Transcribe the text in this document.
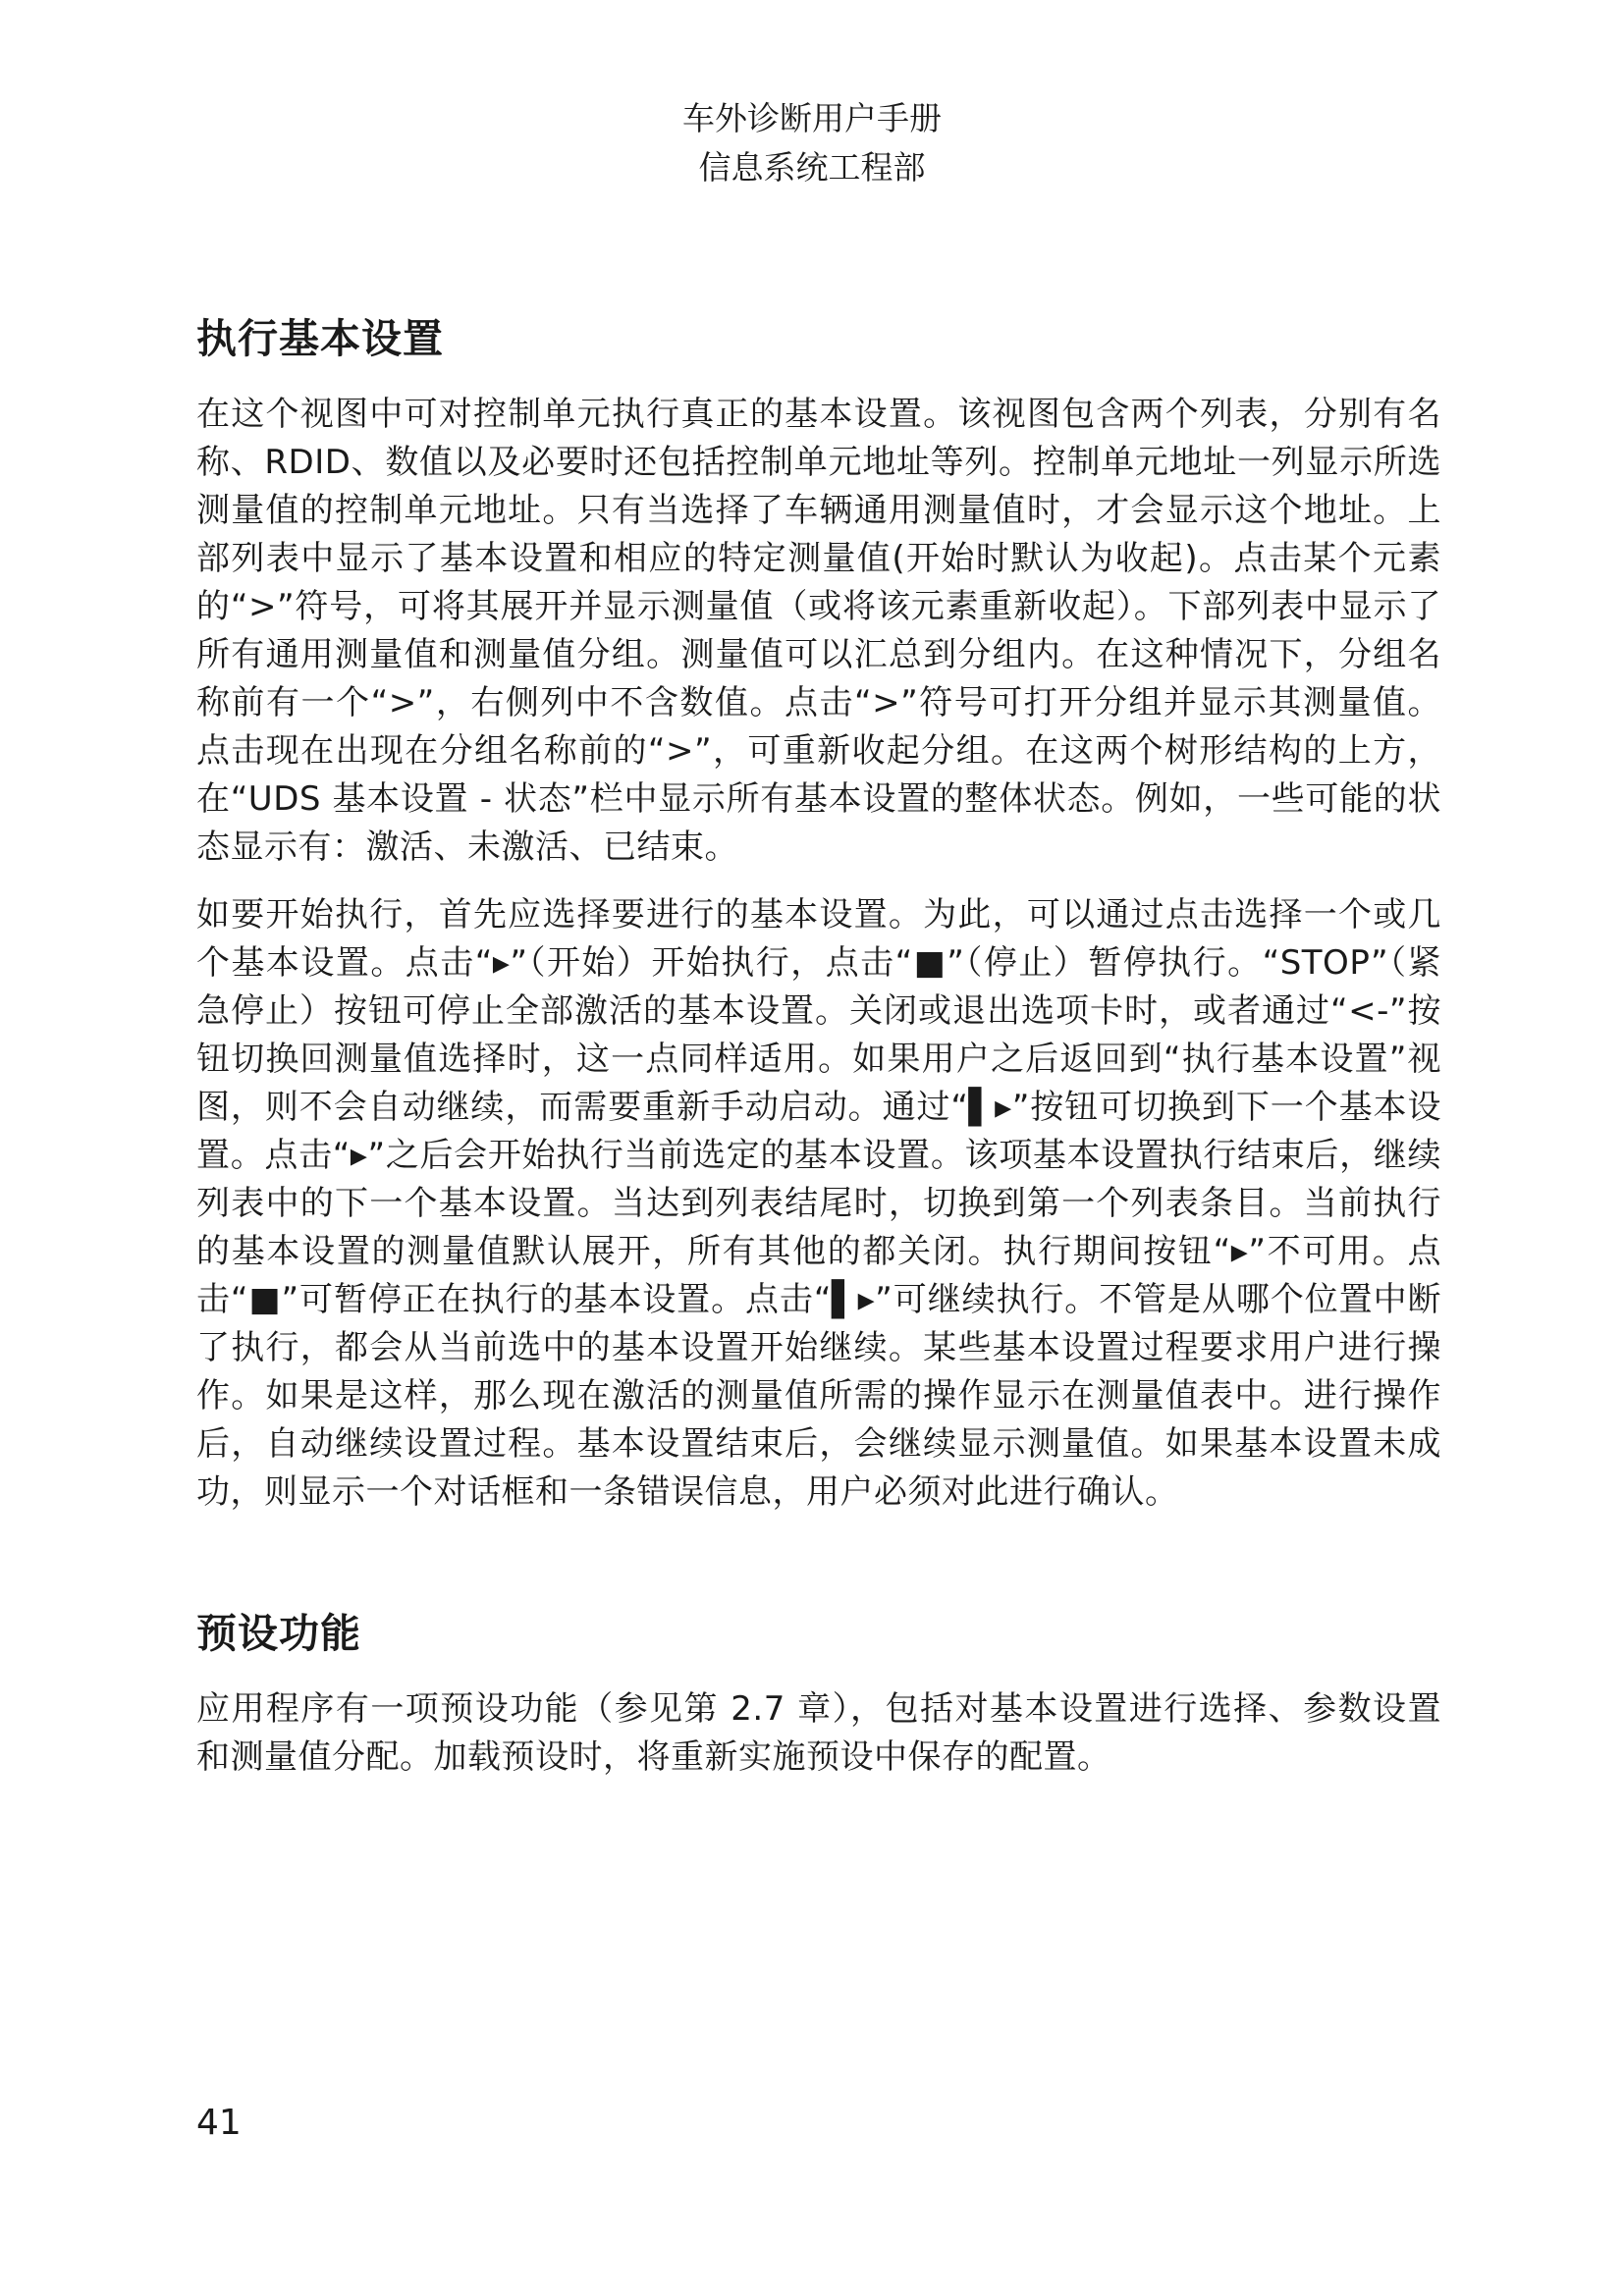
车外诊断用户手册
信息系统工程部
执行基本设置

在这个视图中可对控制单元执行真正的基本设置。该视图包含两个列表，分别有名称、RDID、数值以及必要时还包括控制单元地址等列。控制单元地址一列显示所选测量值的控制单元地址。只有当选择了车辆通用测量值时，才会显示这个地址。上部列表中显示了基本设置和相应的特定测量值(开始时默认为收起)。点击某个元素的“>”符号，可将其展开并显示测量值（或将该元素重新收起）。下部列表中显示了所有通用测量值和测量值分组。测量值可以汇总到分组内。在这种情况下，分组名称前有一个“>”，右侧列中不含数值。点击“>”符号可打开分组并显示其测量值。点击现在出现在分组名称前的“>”，可重新收起分组。在这两个树形结构的上方，在“UDS 基本设置 - 状态”栏中显示所有基本设置的整体状态。例如，一些可能的状态显示有：激活、未激活、已结束。

如要开始执行，首先应选择要进行的基本设置。为此，可以通过点击选择一个或几个基本设置。点击“▸”（开始）开始执行，点击“■”（停止）暂停执行。“STOP”（紧急停止）按钮可停止全部激活的基本设置。关闭或退出选项卡时，或者通过“<-”按钮切换回测量值选择时，这一点同样适用。如果用户之后返回到“执行基本设置”视图，则不会自动继续，而需要重新手动启动。通过“▌▸”按钮可切换到下一个基本设置。点击“▸”之后会开始执行当前选定的基本设置。该项基本设置执行结束后，继续列表中的下一个基本设置。当达到列表结尾时，切换到第一个列表条目。当前执行的基本设置的测量值默认展开，所有其他的都关闭。执行期间按钮“▸”不可用。点击“■”可暂停正在执行的基本设置。点击“▌▸”可继续执行。不管是从哪个位置中断了执行，都会从当前选中的基本设置开始继续。某些基本设置过程要求用户进行操作。如果是这样，那么现在激活的测量值所需的操作显示在测量值表中。进行操作后，自动继续设置过程。基本设置结束后，会继续显示测量值。如果基本设置未成功，则显示一个对话框和一条错误信息，用户必须对此进行确认。

预设功能

应用程序有一项预设功能（参见第 2.7 章），包括对基本设置进行选择、参数设置和测量值分配。加载预设时，将重新实施预设中保存的配置。

41
